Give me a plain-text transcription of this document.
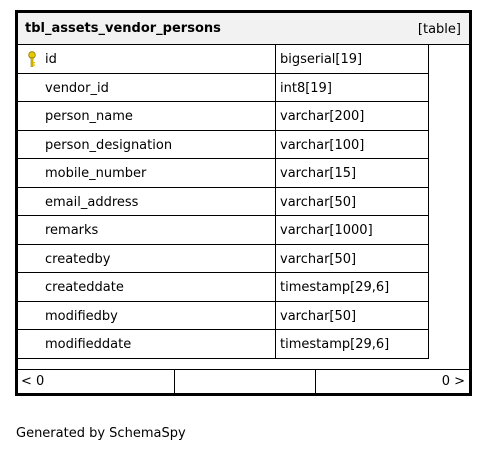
tbl_assets_vendor_persons	[table]
id	bigserial[19]
vendor_id	int8[19]
person_name	varchar[200]
person_designation	varchar[100]
mobile_number	varchar[15]
email_address	varchar[50]
remarks	varchar[1000]
createdby	varchar[50]
createddate	timestamp[29,6]
modifiedby	varchar[50]
modifieddate	timestamp[29,6]
< 0	0 >
Generated by SchemaSpy
